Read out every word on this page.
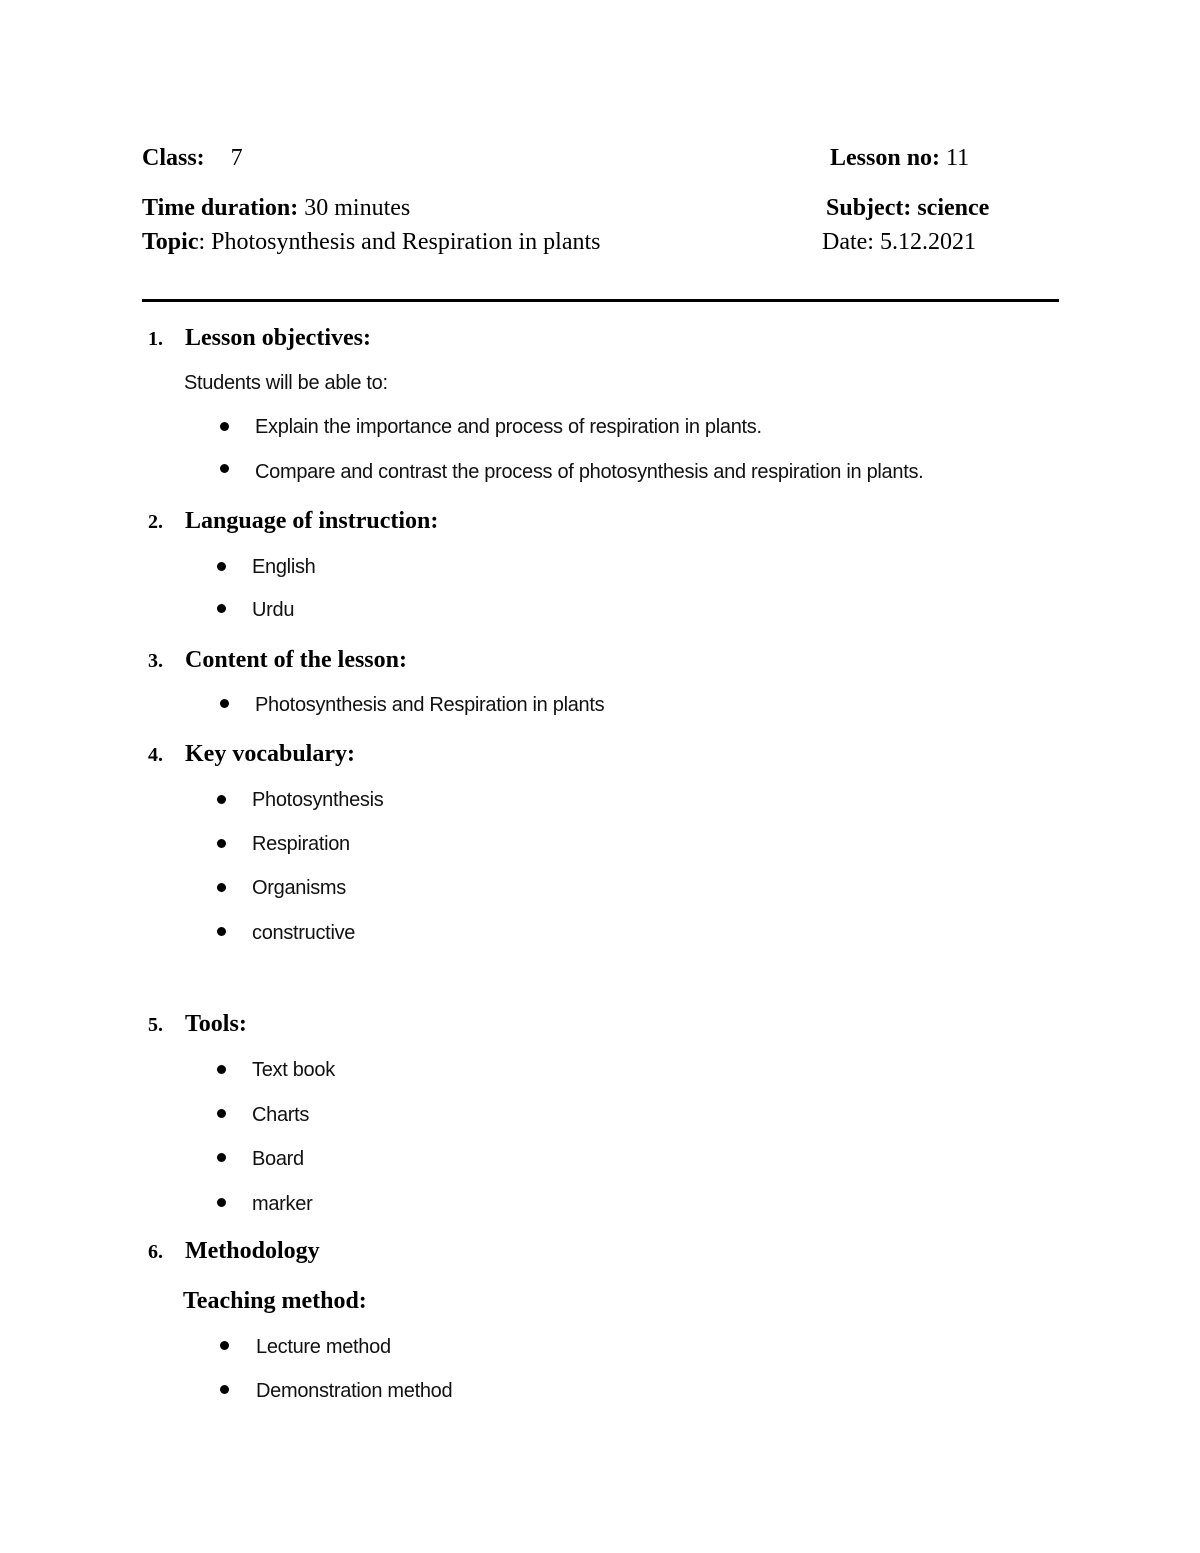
Class: 7	Lesson no: 11
Time duration: 30 minutes	Subject: science
Topic: Photosynthesis and Respiration in plants	Date: 5.12.2021
1. Lesson objectives:
Students will be able to:
Explain the importance and process of respiration in plants.
Compare and contrast the process of photosynthesis and respiration in plants.
2. Language of instruction:
English
Urdu
3. Content of the lesson:
Photosynthesis and Respiration in plants
4. Key vocabulary:
Photosynthesis
Respiration
Organisms
constructive
5. Tools:
Text book
Charts
Board
marker
6. Methodology
Teaching method:
Lecture method
Demonstration method
